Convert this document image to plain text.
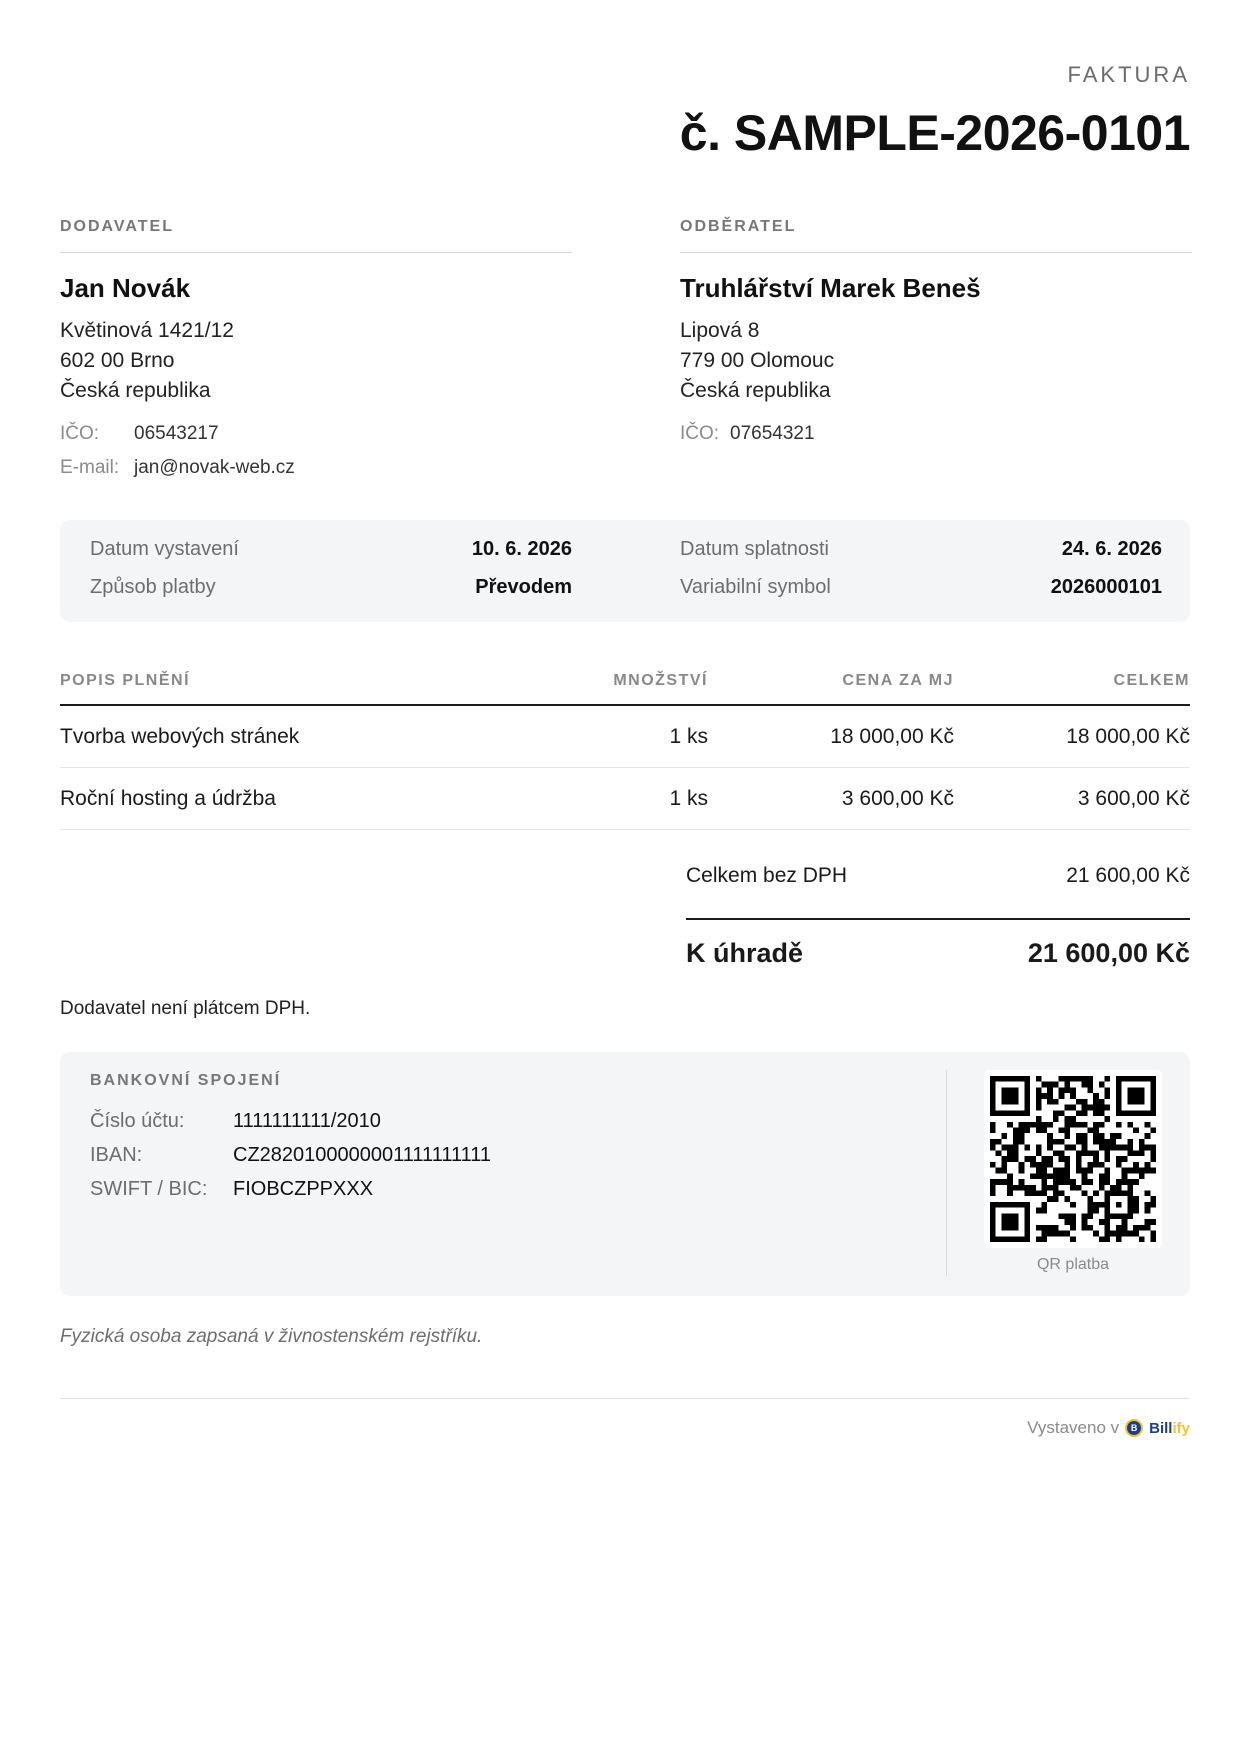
FAKTURA
č. SAMPLE-2026-0101
DODAVATEL
Jan Novák
Květinová 1421/12
602 00 Brno
Česká republika
IČO:	06543217
E-mail: jan@novak-web.cz
ODBĚRATEL
Truhlářství Marek Beneš
Lipová 8
779 00 Olomouc
Česká republika
IČO: 07654321
Datum vystavení	10. 6. 2026
Způsob platby	Převodem
Datum splatnosti	24. 6. 2026
Variabilní symbol	2026000101
POPIS PLNĚNÍ	MNOŽSTVÍ	CENA ZA MJ	CELKEM
Tvorba webových stránek	1 ks	18 000,00 Kč	18 000,00 Kč
Roční hosting a údržba	1 ks	3 600,00 Kč	3 600,00 Kč
Celkem bez DPH	21 600,00 Kč
K úhradě	21 600,00 Kč
Dodavatel není plátcem DPH.
BANKOVNÍ SPOJENÍ
Číslo účtu:	1111111111/2010
IBAN:	CZ2820100000001111111111
SWIFT / BIC:	FIOBCZPPXXX
QR platba
Fyzická osoba zapsaná v živnostenském rejstříku.
Vystaveno v	B Billify
